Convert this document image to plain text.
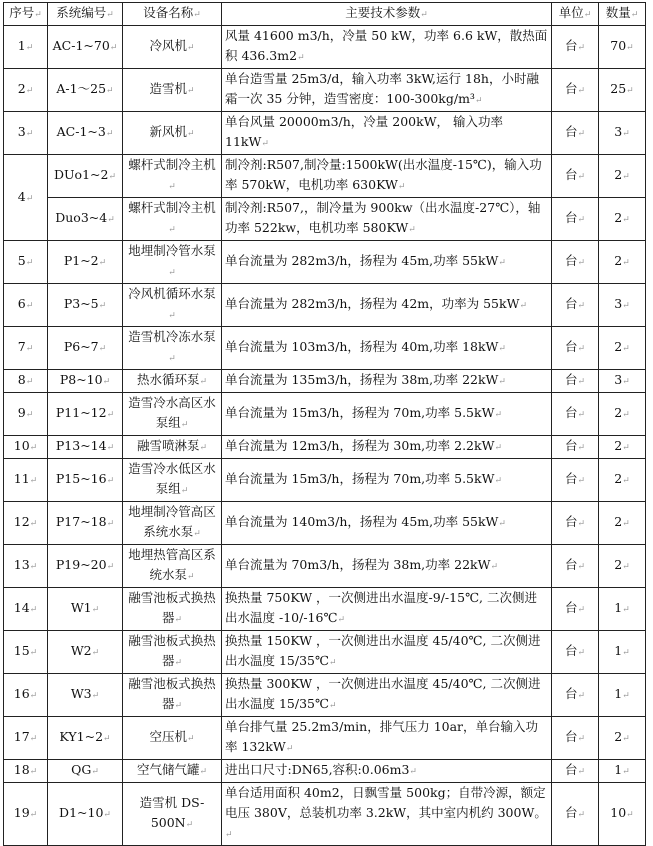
序号↵	系统编号↵	设备名称↵	主要技术参数↵	单位↵	数量↵
1↵	AC-1~70↵	冷风机↵	风量 41600 m3/h，冷量 50 kW，功率 6.6 kW，散热面积 436.3m2↵	台↵	70↵
2↵	A-1～25↵	造雪机↵	单台造雪量 25m3/d，输入功率 3kW,运行 18h，小时融霜一次 35 分钟，造雪密度：100-300kg/m³↵	台↵	25↵
3↵	AC-1~3↵	新风机↵	单台风量 20000m3/h，冷量 200kW， 输入功率 11kW↵	台↵	3↵
4↵	DUo1~2↵	螺杆式制冷主机↵	制冷剂:R507,制冷量:1500kW(出水温度-15℃)，输入功率 570kW，电机功率 630KW↵	台↵	2↵
	Duo3~4↵	螺杆式制冷主机↵	制冷剂:R507,，制冷量为 900kw（出水温度-27℃），轴功率 522kw，电机功率 580KW↵	台↵	2↵
5↵	P1~2↵	地埋制冷管水泵↵	单台流量为 282m3/h，扬程为 45m,功率 55kW↵	台↵	2↵
6↵	P3~5↵	冷风机循环水泵↵	单台流量为 282m3/h，扬程为 42m，功率为 55kW↵	台↵	3↵
7↵	P6~7↵	造雪机冷冻水泵↵	单台流量为 103m3/h，扬程为 40m,功率 18kW↵	台↵	2↵
8↵	P8~10↵	热水循环泵↵	单台流量为 135m3/h，扬程为 38m,功率 22kW↵	台↵	3↵
9↵	P11~12↵	造雪冷水高区水泵组↵	单台流量为 15m3/h，扬程为 70m,功率 5.5kW↵	台↵	2↵
10↵	P13~14↵	融雪喷淋泵↵	单台流量为 12m3/h，扬程为 30m,功率 2.2kW↵	台↵	2↵
11↵	P15~16↵	造雪冷水低区水泵组↵	单台流量为 15m3/h，扬程为 70m,功率 5.5kW↵	台↵	2↵
12↵	P17~18↵	地埋制冷管高区系统水泵↵	单台流量为 140m3/h，扬程为 45m,功率 55kW↵	台↵	2↵
13↵	P19~20↵	地埋热管高区系统水泵↵	单台流量为 70m3/h，扬程为 38m,功率 22kW↵	台↵	2↵
14↵	W1↵	融雪池板式换热器↵	换热量 750KW ，一次侧进出水温度-9/-15℃, 二次侧进出水温度 -10/-16℃↵	台↵	1↵
15↵	W2↵	融雪池板式换热器↵	换热量 150KW ，一次侧进出水温度 45/40℃, 二次侧进出水温度 15/35℃↵	台↵	1↵
16↵	W3↵	融雪池板式换热器↵	换热量 300KW ，一次侧进出水温度 45/40℃, 二次侧进出水温度 15/35℃↵	台↵	1↵
17↵	KY1~2↵	空压机↵	单台排气量 25.2m3/min，排气压力 10ar，单台输入功率 132kW↵	台↵	2↵
18↵	QG↵	空气储气罐↵	进出口尺寸:DN65,容积:0.06m3↵	台↵	1↵
19↵	D1~10↵	造雪机 DS-500N↵	单台适用面积 40m2，日飘雪量 500kg；自带冷源，额定电压 380V，总装机功率 3.2kW，其中室内机约 300W。↵	台↵	10↵
